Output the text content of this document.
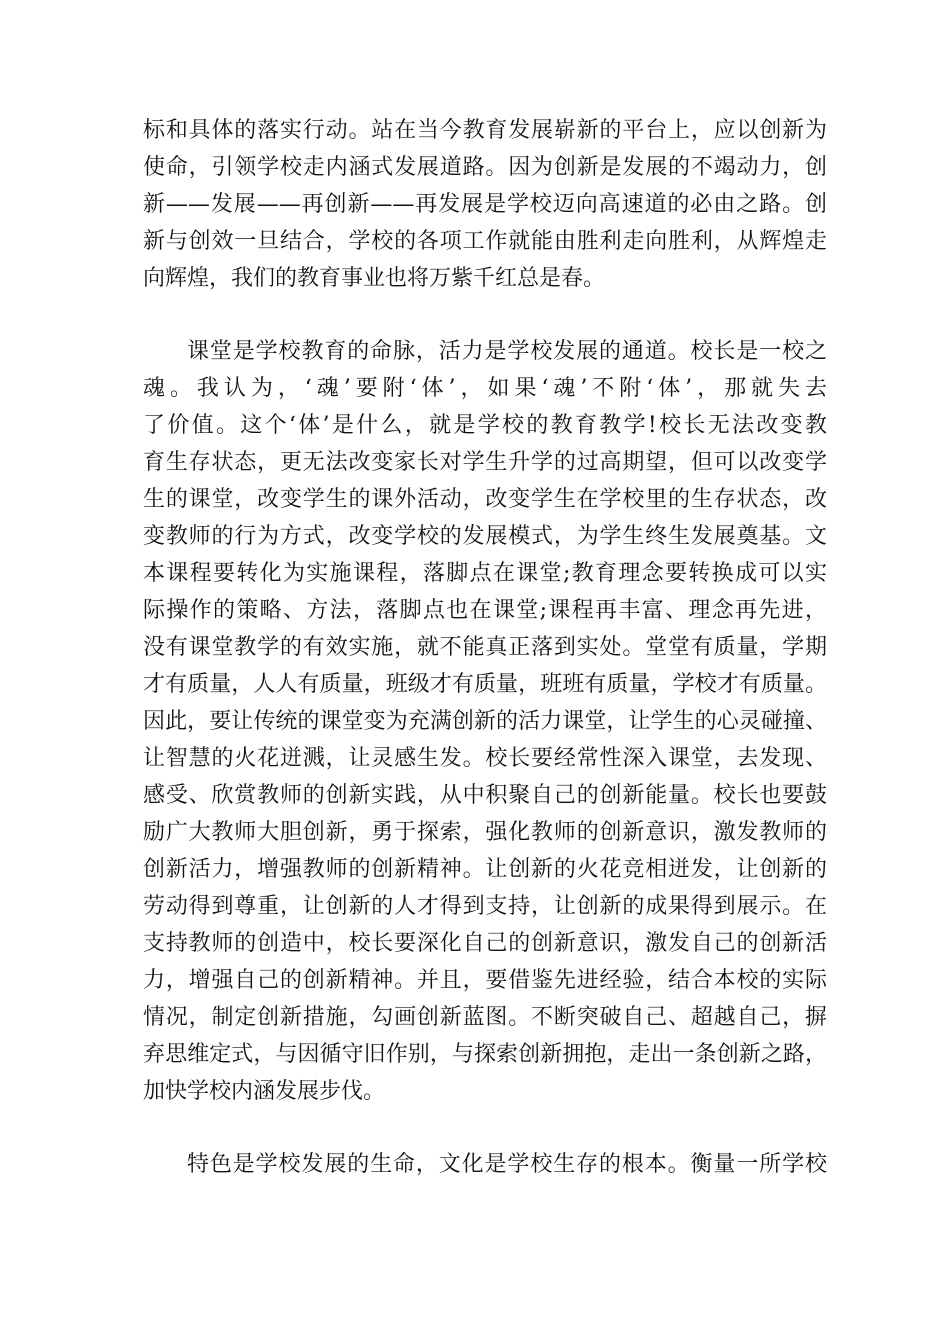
标和具体的落实行动。站在当今教育发展崭新的平台上，应以创新为
使命，引领学校走内涵式发展道路。因为创新是发展的不竭动力，创
新——发展——再创新——再发展是学校迈向高速道的必由之路。创
新与创效一旦结合，学校的各项工作就能由胜利走向胜利，从辉煌走
向辉煌，我们的教育事业也将万紫千红总是春。
课堂是学校教育的命脉，活力是学校发展的通道。校长是一校之
魂。我认为，‘魂’要附‘体’，如果‘魂’不附‘体’，那就失去
了价值。这个‘体’是什么，就是学校的教育教学!校长无法改变教
育生存状态，更无法改变家长对学生升学的过高期望，但可以改变学
生的课堂，改变学生的课外活动，改变学生在学校里的生存状态，改
变教师的行为方式，改变学校的发展模式，为学生终生发展奠基。文
本课程要转化为实施课程，落脚点在课堂;教育理念要转换成可以实
际操作的策略、方法，落脚点也在课堂;课程再丰富、理念再先进，
没有课堂教学的有效实施，就不能真正落到实处。堂堂有质量，学期
才有质量，人人有质量，班级才有质量，班班有质量，学校才有质量。
因此，要让传统的课堂变为充满创新的活力课堂，让学生的心灵碰撞、
让智慧的火花迸溅，让灵感生发。校长要经常性深入课堂，去发现、
感受、欣赏教师的创新实践，从中积聚自己的创新能量。校长也要鼓
励广大教师大胆创新，勇于探索，强化教师的创新意识，激发教师的
创新活力，增强教师的创新精神。让创新的火花竞相迸发，让创新的
劳动得到尊重，让创新的人才得到支持，让创新的成果得到展示。在
支持教师的创造中，校长要深化自己的创新意识，激发自己的创新活
力，增强自己的创新精神。并且，要借鉴先进经验，结合本校的实际
情况，制定创新措施，勾画创新蓝图。不断突破自己、超越自己，摒
弃思维定式，与因循守旧作别，与探索创新拥抱，走出一条创新之路，
加快学校内涵发展步伐。
特色是学校发展的生命，文化是学校生存的根本。衡量一所学校
